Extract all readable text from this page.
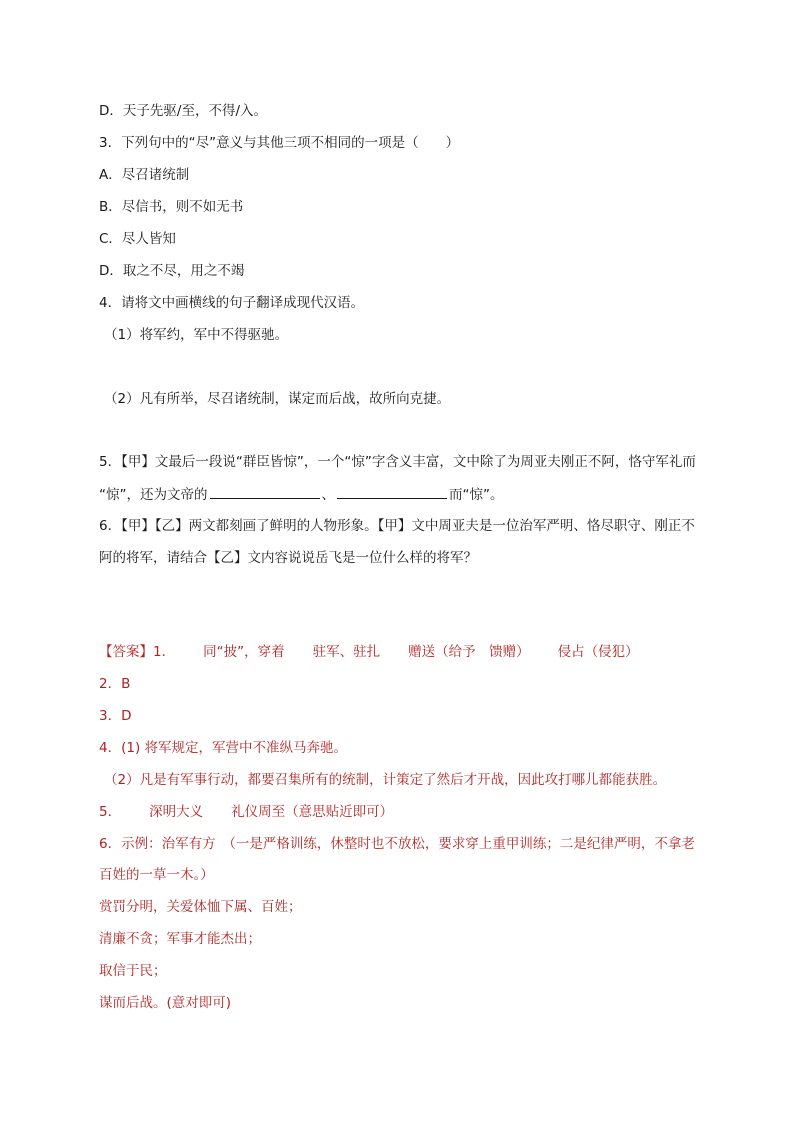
D．天子先驱/至，不得/入。
3．下列句中的“尽”意义与其他三项不相同的一项是（　　）
A．尽召诸统制
B．尽信书，则不如无书
C．尽人皆知
D．取之不尽，用之不竭
4．请将文中画横线的句子翻译成现代汉语。
（1）将军约，军中不得驱驰。
（2）凡有所举，尽召诸统制，谋定而后战，故所向克捷。
5．【甲】文最后一段说“群臣皆惊”，一个“惊”字含义丰富，文中除了为周亚夫刚正不阿，恪守军礼而
“惊”，还为文帝的	、	而“惊”。
6．【甲】【乙】两文都刻画了鲜明的人物形象。【甲】文中周亚夫是一位治军严明、恪尽职守、刚正不
阿的将军，请结合【乙】文内容说说岳飞是一位什么样的将军？
【答案】1． 同“披”，穿着 驻军、驻扎 赠送（给予　馈赠） 侵占（侵犯）
2．B
3．D
4．(1) 将军规定，军营中不准纵马奔驰。
（2）凡是有军事行动，都要召集所有的统制，计策定了然后才开战，因此攻打哪儿都能获胜。
5． 深明大义 礼仪周至（意思贴近即可）
6．示例：治军有方　（一是严格训练，休整时也不放松，要求穿上重甲训练；二是纪律严明，不拿老
百姓的一草一木。）
赏罚分明，关爱体恤下属、百姓；
清廉不贪；军事才能杰出；
取信于民；
谋而后战。(意对即可)
